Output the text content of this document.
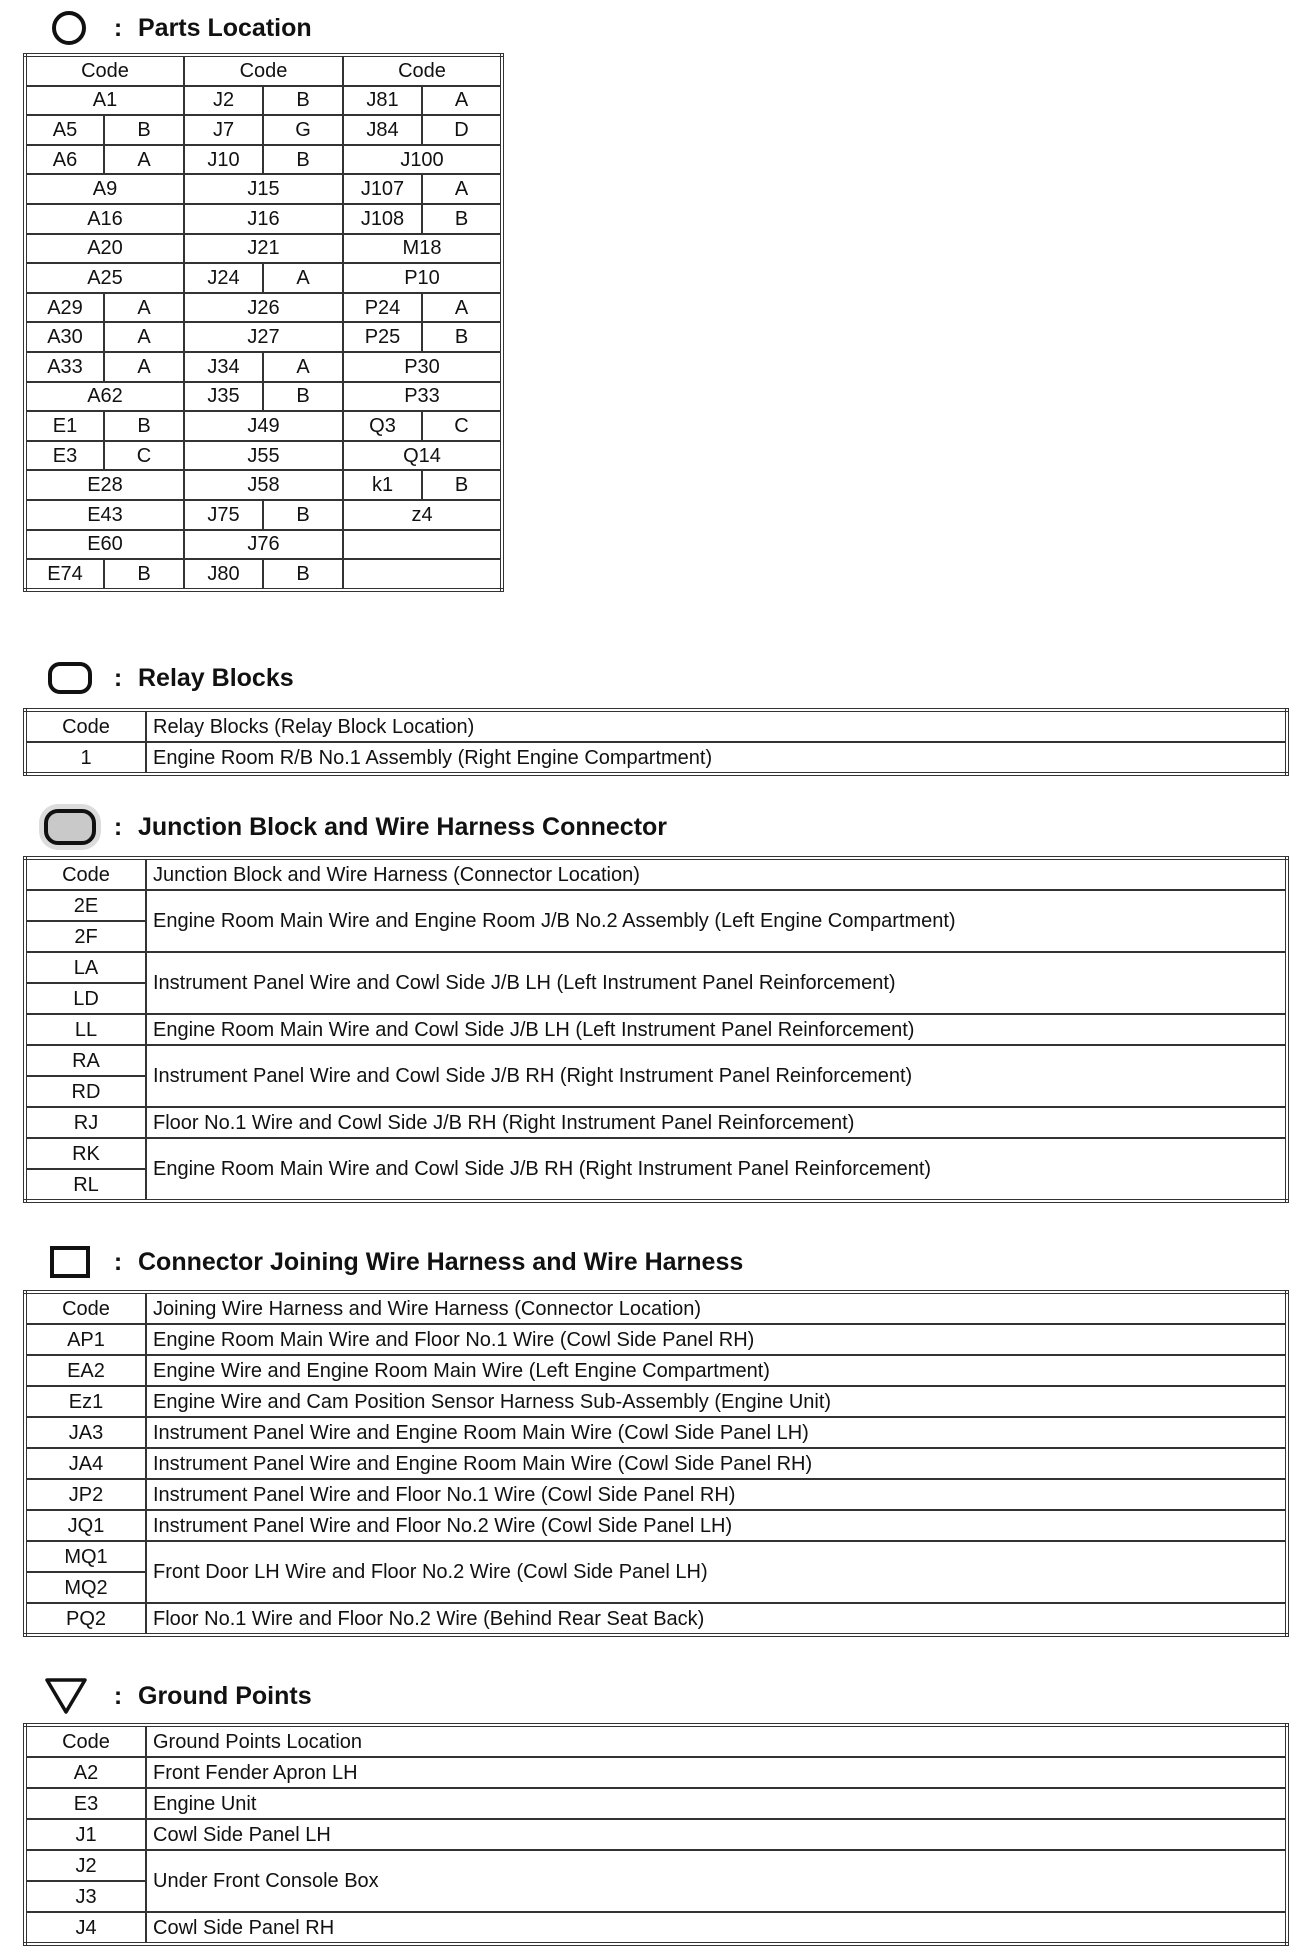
: Parts Location
Code		Code		Code	
A1		J2	B	J81	A
A5	B	J7	G	J84	D
A6	A	J10	B	J100	
A9		J15		J107	A
A16		J16		J108	B
A20		J21		M18	
A25		J24	A	P10	
A29	A	J26		P24	A
A30	A	J27		P25	B
A33	A	J34	A	P30	
A62		J35	B	P33	
E1	B	J49		Q3	C
E3	C	J55		Q14	
E28		J58		k1	B
E43		J75	B	z4	
E60		J76			
E74	B	J80	B		
: Relay Blocks
Code	Relay Blocks (Relay Block Location)
1	Engine Room R/B No.1 Assembly (Right Engine Compartment)
: Junction Block and Wire Harness Connector
Code	Junction Block and Wire Harness (Connector Location)
2E	Engine Room Main Wire and Engine Room J/B No.2 Assembly (Left Engine Compartment)
2F	
LA	Instrument Panel Wire and Cowl Side J/B LH (Left Instrument Panel Reinforcement)
LD	
LL	Engine Room Main Wire and Cowl Side J/B LH (Left Instrument Panel Reinforcement)
RA	Instrument Panel Wire and Cowl Side J/B RH (Right Instrument Panel Reinforcement)
RD	
RJ	Floor No.1 Wire and Cowl Side J/B RH (Right Instrument Panel Reinforcement)
RK	Engine Room Main Wire and Cowl Side J/B RH (Right Instrument Panel Reinforcement)
RL	
: Connector Joining Wire Harness and Wire Harness
Code	Joining Wire Harness and Wire Harness (Connector Location)
AP1	Engine Room Main Wire and Floor No.1 Wire (Cowl Side Panel RH)
EA2	Engine Wire and Engine Room Main Wire (Left Engine Compartment)
Ez1	Engine Wire and Cam Position Sensor Harness Sub-Assembly (Engine Unit)
JA3	Instrument Panel Wire and Engine Room Main Wire (Cowl Side Panel LH)
JA4	Instrument Panel Wire and Engine Room Main Wire (Cowl Side Panel RH)
JP2	Instrument Panel Wire and Floor No.1 Wire (Cowl Side Panel RH)
JQ1	Instrument Panel Wire and Floor No.2 Wire (Cowl Side Panel LH)
MQ1	Front Door LH Wire and Floor No.2 Wire (Cowl Side Panel LH)
MQ2	
PQ2	Floor No.1 Wire and Floor No.2 Wire (Behind Rear Seat Back)
: Ground Points
Code	Ground Points Location
A2	Front Fender Apron LH
E3	Engine Unit
J1	Cowl Side Panel LH
J2	Under Front Console Box
J3	
J4	Cowl Side Panel RH
